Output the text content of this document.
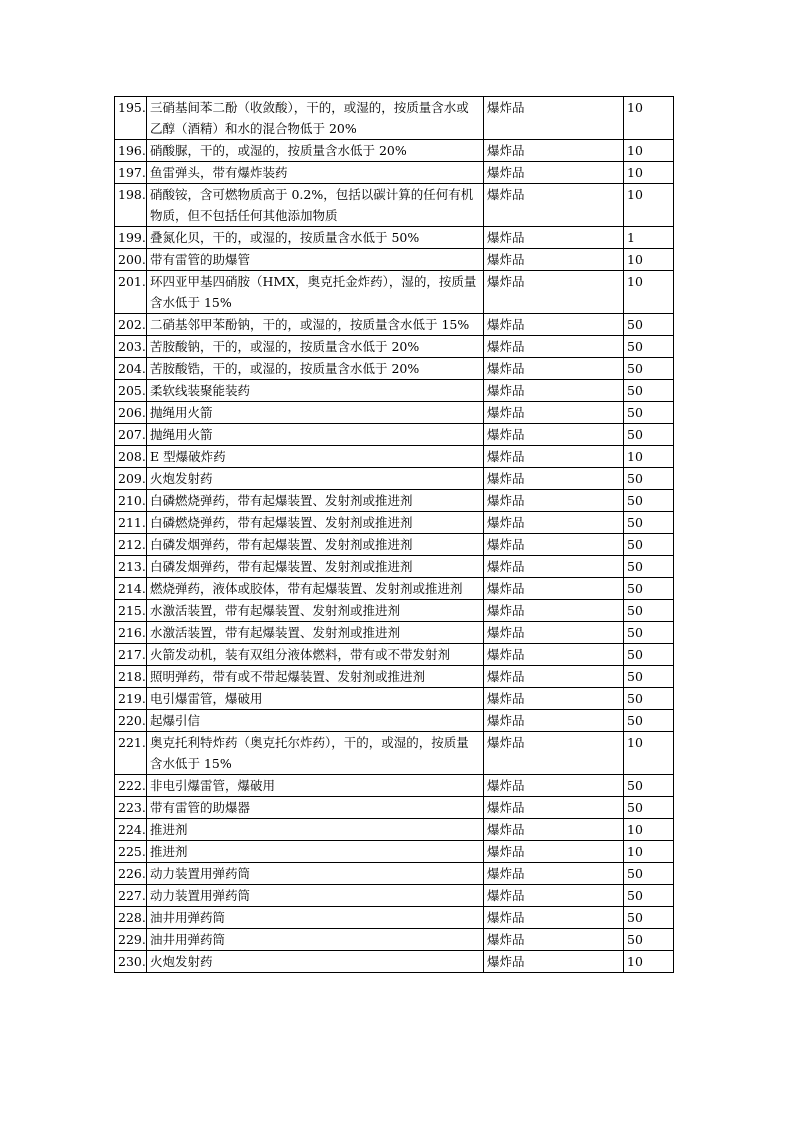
195.	三硝基间苯二酚（收敛酸），干的，或湿的，按质量含水或乙醇（酒精）和水的混合物低于 20%	爆炸品	10
196.	硝酸脲，干的，或湿的，按质量含水低于 20%	爆炸品	10
197.	鱼雷弹头，带有爆炸装药	爆炸品	10
198.	硝酸铵，含可燃物质高于 0.2%，包括以碳计算的任何有机物质，但不包括任何其他添加物质	爆炸品	10
199.	叠氮化贝，干的，或湿的，按质量含水低于 50%	爆炸品	1
200.	带有雷管的助爆管	爆炸品	10
201.	环四亚甲基四硝胺（HMX，奥克托金炸药），湿的，按质量含水低于 15%	爆炸品	10
202.	二硝基邻甲苯酚钠，干的，或湿的，按质量含水低于 15%	爆炸品	50
203.	苦胺酸钠，干的，或湿的，按质量含水低于 20%	爆炸品	50
204.	苦胺酸锆，干的，或湿的，按质量含水低于 20%	爆炸品	50
205.	柔软线装聚能装药	爆炸品	50
206.	抛绳用火箭	爆炸品	50
207.	抛绳用火箭	爆炸品	50
208.	E 型爆破炸药	爆炸品	10
209.	火炮发射药	爆炸品	50
210.	白磷燃烧弹药，带有起爆装置、发射剂或推进剂	爆炸品	50
211.	白磷燃烧弹药，带有起爆装置、发射剂或推进剂	爆炸品	50
212.	白磷发烟弹药，带有起爆装置、发射剂或推进剂	爆炸品	50
213.	白磷发烟弹药，带有起爆装置、发射剂或推进剂	爆炸品	50
214.	燃烧弹药，液体或胶体，带有起爆装置、发射剂或推进剂	爆炸品	50
215.	水激活装置，带有起爆装置、发射剂或推进剂	爆炸品	50
216.	水激活装置，带有起爆装置、发射剂或推进剂	爆炸品	50
217.	火箭发动机，装有双组分液体燃料，带有或不带发射剂	爆炸品	50
218.	照明弹药，带有或不带起爆装置、发射剂或推进剂	爆炸品	50
219.	电引爆雷管，爆破用	爆炸品	50
220.	起爆引信	爆炸品	50
221.	奥克托利特炸药（奥克托尔炸药），干的，或湿的，按质量含水低于 15%	爆炸品	10
222.	非电引爆雷管，爆破用	爆炸品	50
223.	带有雷管的助爆器	爆炸品	50
224.	推进剂	爆炸品	10
225.	推进剂	爆炸品	10
226.	动力装置用弹药筒	爆炸品	50
227.	动力装置用弹药筒	爆炸品	50
228.	油井用弹药筒	爆炸品	50
229.	油井用弹药筒	爆炸品	50
230.	火炮发射药	爆炸品	10
